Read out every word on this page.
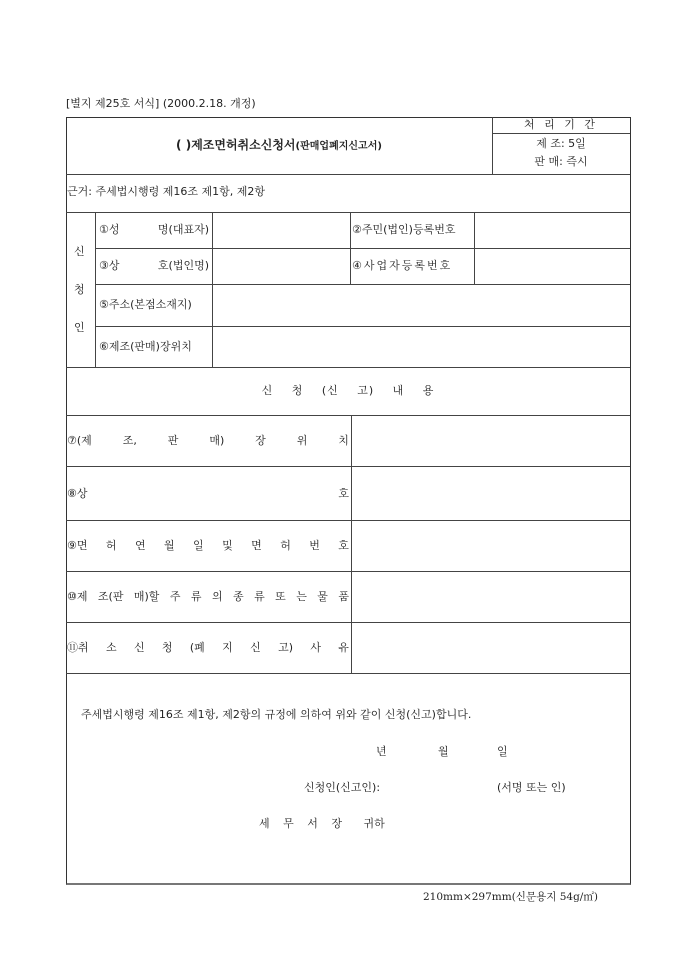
[별지 제25호 서식] (2000.2.18. 개정)
( )제조면허취소신청서(판매업폐지신고서)
처 리 기 간
제 조: 5일
판 매: 즉시
근거: 주세법시행령 제16조 제1항, 제2항
신
청
인
①성	명(대표자)	②주민(법인)등록번호
③상	호(법인명)	④사업자등록번호
⑤주소(본점소재지)
⑥제조(판매)장위치
신 청 (신 고) 내 용
⑦(제	조,	판	매)	장	위	치
⑧상	호
⑨면 허 연 월 일 및 면 허 번 호
⑩제 조(판 매)할 주 류 의 종 류 또 는 물 품
⑪취 소 신 청 (폐 지 신 고) 사 유
주세법시행령 제16조 제1항, 제2항의 규정에 의하여 위와 같이 신청(신고)합니다.
년	월	일
신청인(신고인):	(서명 또는 인)
세 무 서 장 귀하
210mm×297mm(신문용지 54g/㎡)
